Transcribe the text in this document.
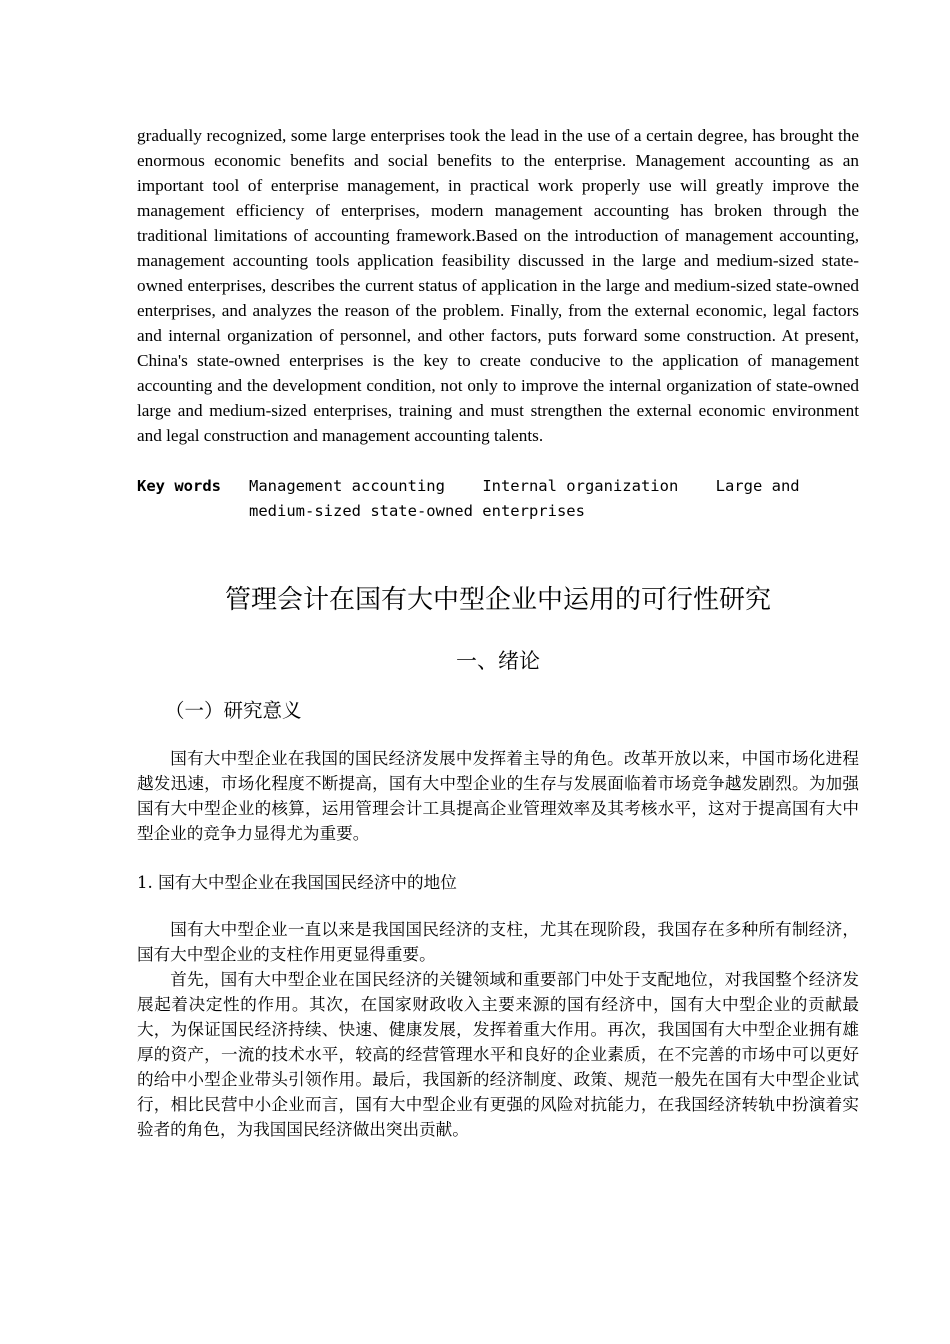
gradually recognized, some large enterprises took the lead in the use of a certain degree, has brought the enormous economic benefits and social benefits to the enterprise. Management accounting as an important tool of enterprise management, in practical work properly use will greatly improve the management efficiency of enterprises, modern management accounting has broken through the traditional limitations of accounting framework.Based on the introduction of management accounting, management accounting tools application feasibility discussed in the large and medium-sized state-owned enterprises, describes the current status of application in the large and medium-sized state-owned enterprises, and analyzes the reason of the problem. Finally, from the external economic, legal factors and internal organization of personnel, and other factors, puts forward some construction. At present, China's state-owned enterprises is the key to create conducive to the application of management accounting and the development condition, not only to improve the internal organization of state-owned large and medium-sized enterprises, training and must strengthen the external economic environment and legal construction and management accounting talents.

Key words	Management accounting Internal organization Large and medium-sized state-owned enterprises
管理会计在国有大中型企业中运用的可行性研究
一、绪论
（一）研究意义

国有大中型企业在我国的国民经济发展中发挥着主导的角色。改革开放以来，中国市场化进程越发迅速，市场化程度不断提高，国有大中型企业的生存与发展面临着市场竞争越发剧烈。为加强国有大中型企业的核算，运用管理会计工具提高企业管理效率及其考核水平，这对于提高国有大中型企业的竞争力显得尤为重要。

1. 国有大中型企业在我国国民经济中的地位

国有大中型企业一直以来是我国国民经济的支柱，尤其在现阶段，我国存在多种所有制经济，国有大中型企业的支柱作用更显得重要。

首先，国有大中型企业在国民经济的关键领域和重要部门中处于支配地位，对我国整个经济发展起着决定性的作用。其次，在国家财政收入主要来源的国有经济中，国有大中型企业的贡献最大，为保证国民经济持续、快速、健康发展，发挥着重大作用。再次，我国国有大中型企业拥有雄厚的资产，一流的技术水平，较高的经营管理水平和良好的企业素质，在不完善的市场中可以更好的给中小型企业带头引领作用。最后，我国新的经济制度、政策、规范一般先在国有大中型企业试行，相比民营中小企业而言，国有大中型企业有更强的风险对抗能力，在我国经济转轨中扮演着实验者的角色，为我国国民经济做出突出贡献。
